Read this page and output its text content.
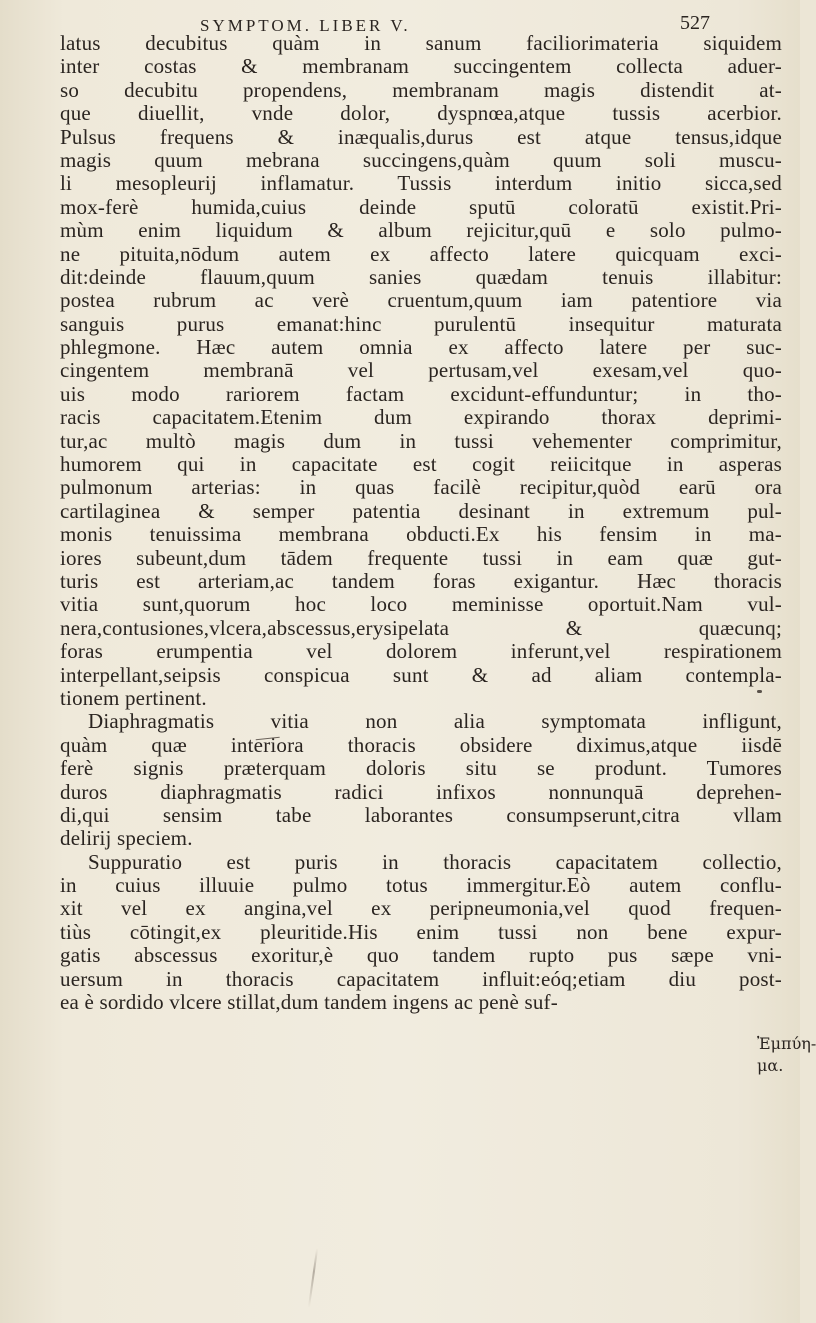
SYMPTOM. LIBER V.	527
latus decubitus quàm in sanum faciliorimateria siquidem
inter costas & membranam succingentem collecta aduer-
so decubitu propendens, membranam magis distendit at-
que diuellit, vnde dolor, dyspnœa,atque tussis acerbior.
Pulsus frequens & inæqualis,durus est atque tensus,idque
magis quum mebrana succingens,quàm quum soli muscu-
li mesopleurij inflamatur. Tussis interdum initio sicca,sed
mox-ferè humida,cuius deinde sputū coloratū existit.Pri-
mùm enim liquidum & album rejicitur,quū e solo pulmo-
ne pituita,nōdum autem ex affecto latere quicquam exci-
dit:deinde flauum,quum sanies quædam tenuis illabitur:
postea rubrum ac verè cruentum,quum iam patentiore via
sanguis purus emanat:hinc purulentū insequitur maturata
phlegmone. Hæc autem omnia ex affecto latere per suc-
cingentem membranā vel pertusam,vel exesam,vel quo-
uis modo rariorem factam excidunt-effunduntur; in tho-
racis capacitatem.Etenim dum expirando thorax deprimi-
tur,ac multò magis dum in tussi vehementer comprimitur,
humorem qui in capacitate est cogit reiicitque in asperas
pulmonum arterias: in quas facilè recipitur,quòd earū ora
cartilaginea & semper patentia desinant in extremum pul-
monis tenuissima membrana obducti.Ex his fensim in ma-
iores subeunt,dum tādem frequente tussi in eam quæ gut-
turis est arteriam,ac tandem foras exigantur. Hæc thoracis
vitia sunt,quorum hoc loco meminisse oportuit.Nam vul-
nera,contusiones,vlcera,abscessus,erysipelata & quæcunq;
foras erumpentia vel dolorem inferunt,vel respirationem
interpellant,seipsis conspicua sunt & ad aliam contempla-
tionem pertinent.
Diaphragmatis vitia non alia symptomata infligunt,
quàm quæ interiora thoracis obsidere diximus,atque iisdē
ferè signis præterquam doloris situ se produnt. Tumores
duros diaphragmatis radici infixos nonnunquā deprehen-
di,qui sensim tabe laborantes consumpserunt,citra vllam
delirij speciem.
Suppuratio est puris in thoracis capacitatem collectio,
in cuius illuuie pulmo totus immergitur.Eò autem conflu-
xit vel ex angina,vel ex peripneumonia,vel quod frequen-
tiùs cōtingit,ex pleuritide.His enim tussi non bene expur-
gatis abscessus exoritur,è quo tandem rupto pus sæpe vni-
uersum in thoracis capacitatem influit:eóq;etiam diu post-
ea è sordido vlcere stillat,dum tandem ingens ac penè suf-
Ἐμπύη-
μα.
